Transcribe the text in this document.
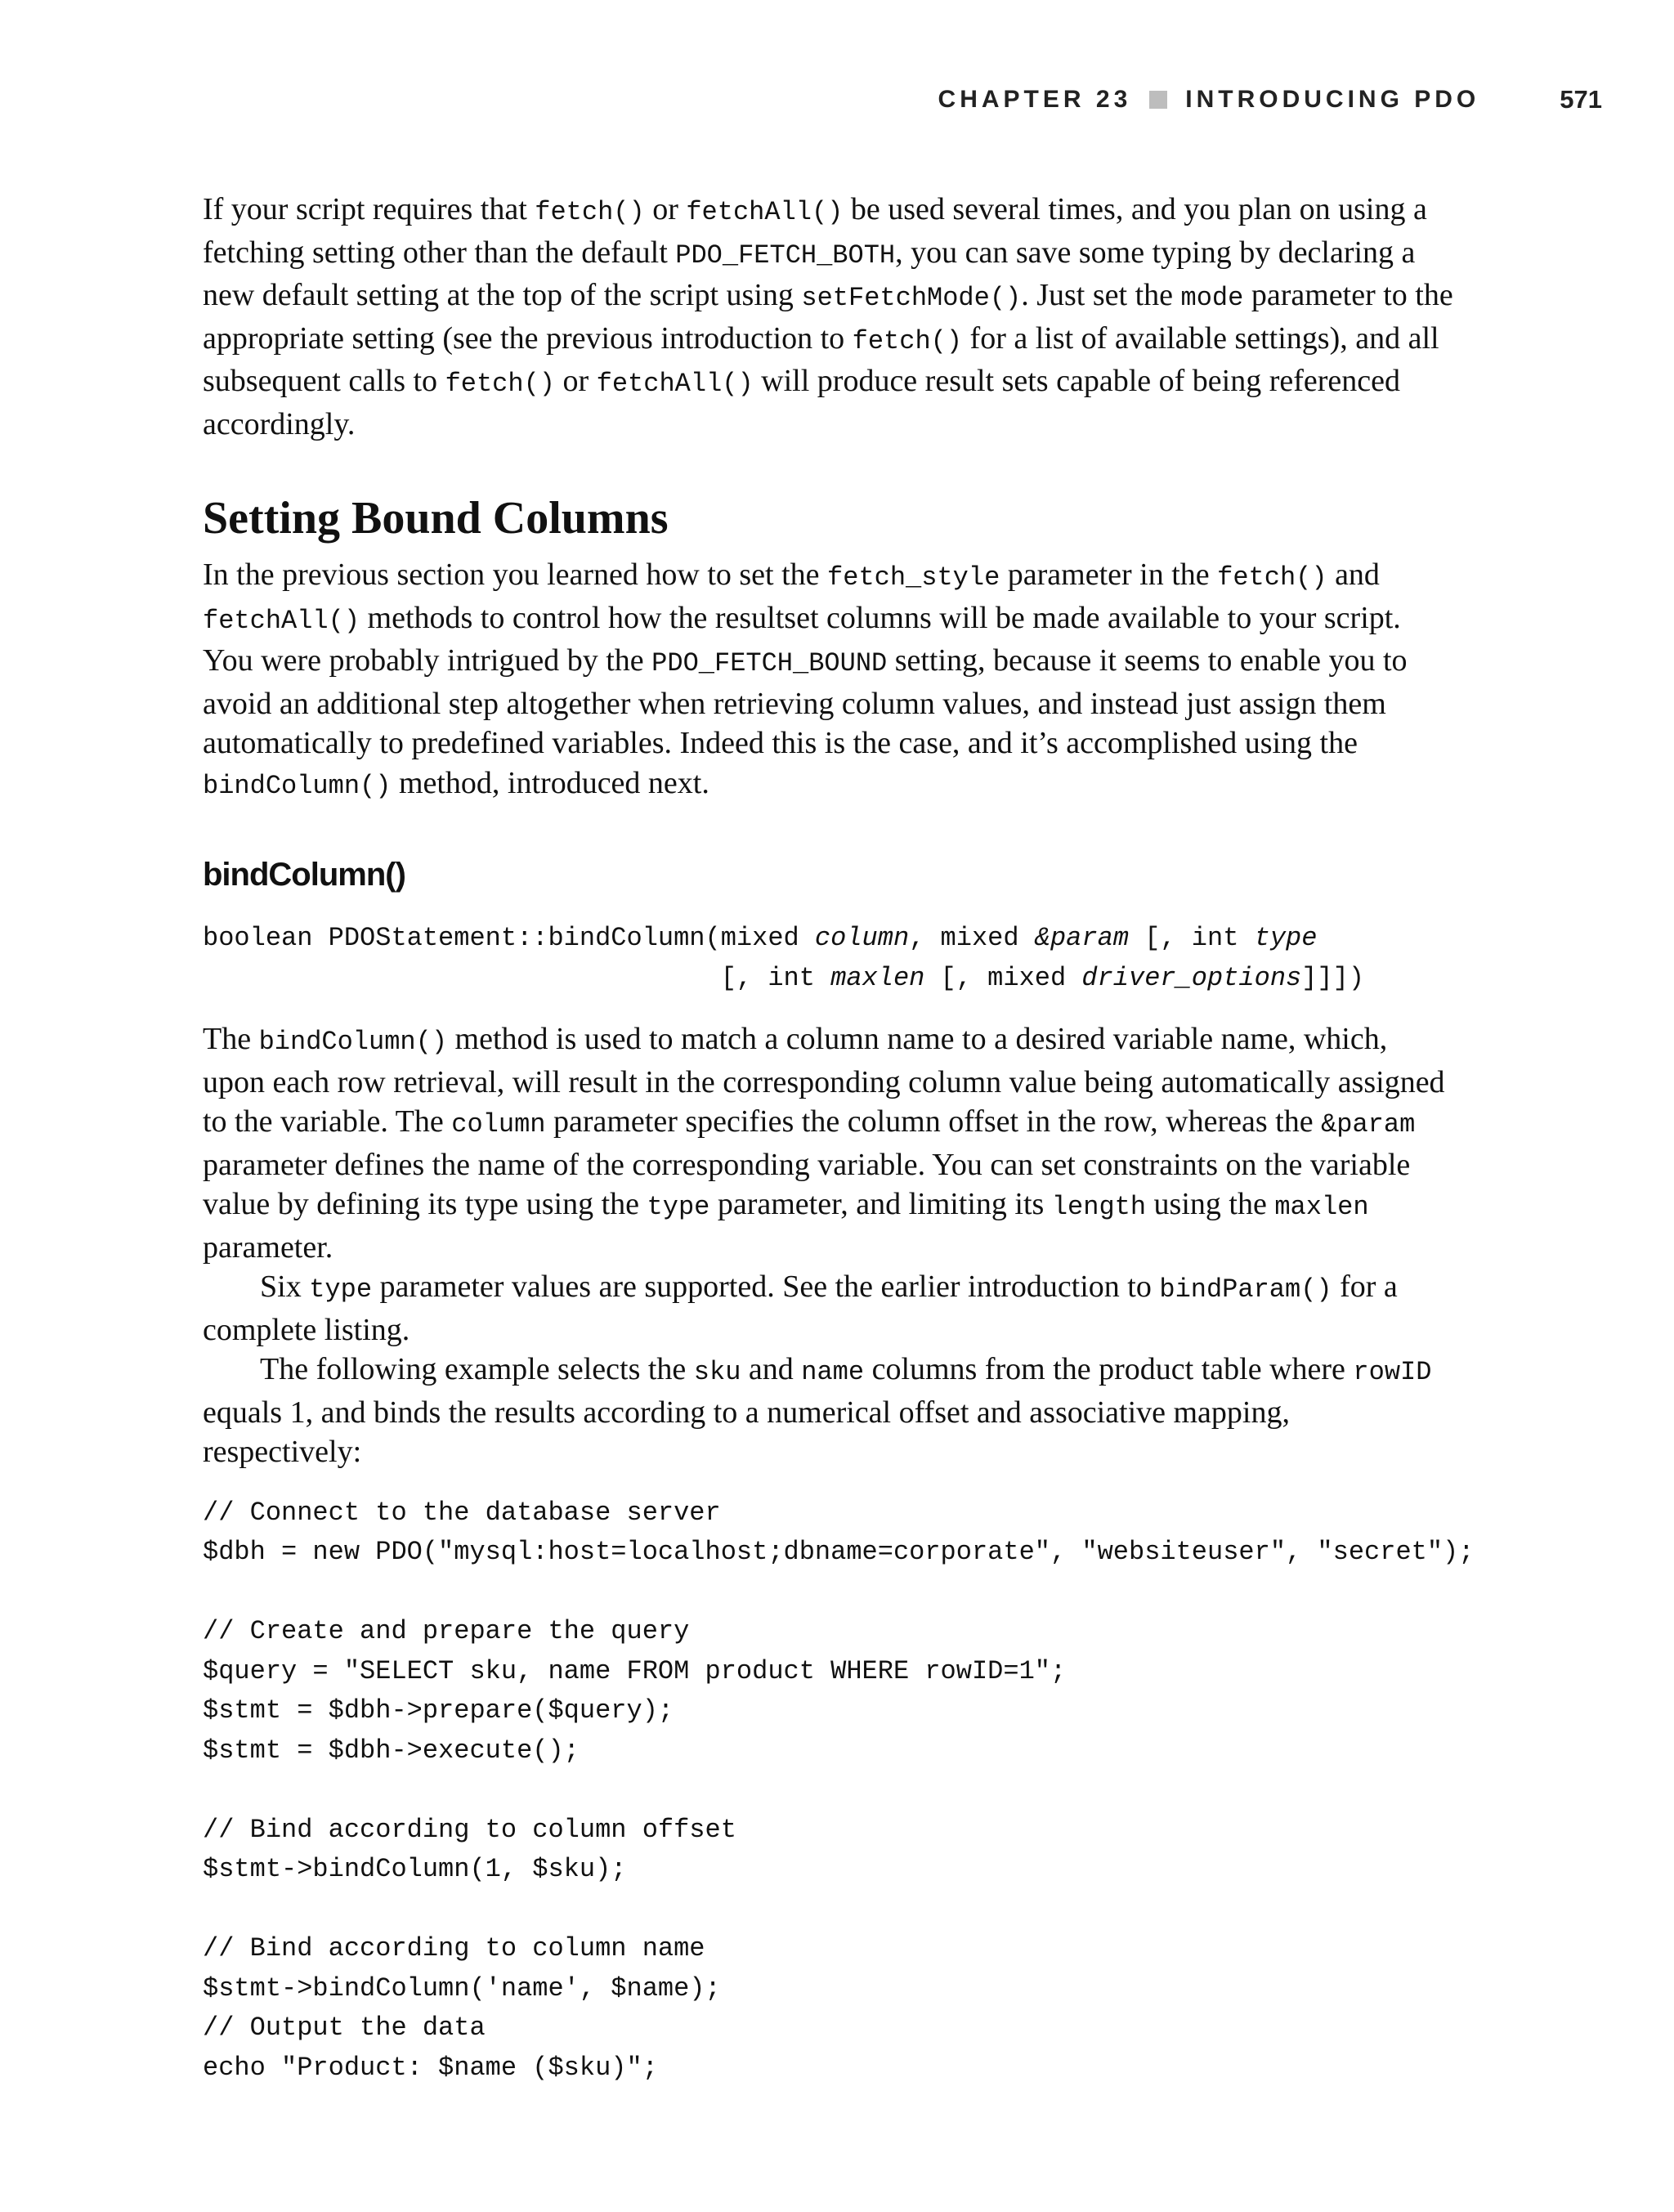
CHAPTER 23 INTRODUCING PDO	571

If your script requires that fetch() or fetchAll() be used several times, and you plan on using a fetching setting other than the default PDO_FETCH_BOTH, you can save some typing by declaring a new default setting at the top of the script using setFetchMode(). Just set the mode parameter to the appropriate setting (see the previous introduction to fetch() for a list of available settings), and all subsequent calls to fetch() or fetchAll() will produce result sets capable of being referenced accordingly.

Setting Bound Columns

In the previous section you learned how to set the fetch_style parameter in the fetch() and fetchAll() methods to control how the resultset columns will be made available to your script. You were probably intrigued by the PDO_FETCH_BOUND setting, because it seems to enable you to avoid an additional step altogether when retrieving column values, and instead just assign them automatically to predefined variables. Indeed this is the case, and it’s accomplished using the bindColumn() method, introduced next.

bindColumn()
boolean PDOStatement::bindColumn(mixed column, mixed &param [, int type
[, int maxlen [, mixed driver_options]]])

The bindColumn() method is used to match a column name to a desired variable name, which, upon each row retrieval, will result in the corresponding column value being automatically assigned to the variable. The column parameter specifies the column offset in the row, whereas the &param parameter defines the name of the corresponding variable. You can set constraints on the variable value by defining its type using the type parameter, and limiting its length using the maxlen parameter.

Six type parameter values are supported. See the earlier introduction to bindParam() for a complete listing.

The following example selects the sku and name columns from the product table where rowID equals 1, and binds the results according to a numerical offset and associative mapping, respectively:

// Connect to the database server
$dbh = new PDO("mysql:host=localhost;dbname=corporate", "websiteuser", "secret");

// Create and prepare the query
$query = "SELECT sku, name FROM product WHERE rowID=1";
$stmt = $dbh->prepare($query);
$stmt = $dbh->execute();

// Bind according to column offset
$stmt->bindColumn(1, $sku);

// Bind according to column name
$stmt->bindColumn('name', $name);
// Output the data
echo "Product: $name ($sku)";
